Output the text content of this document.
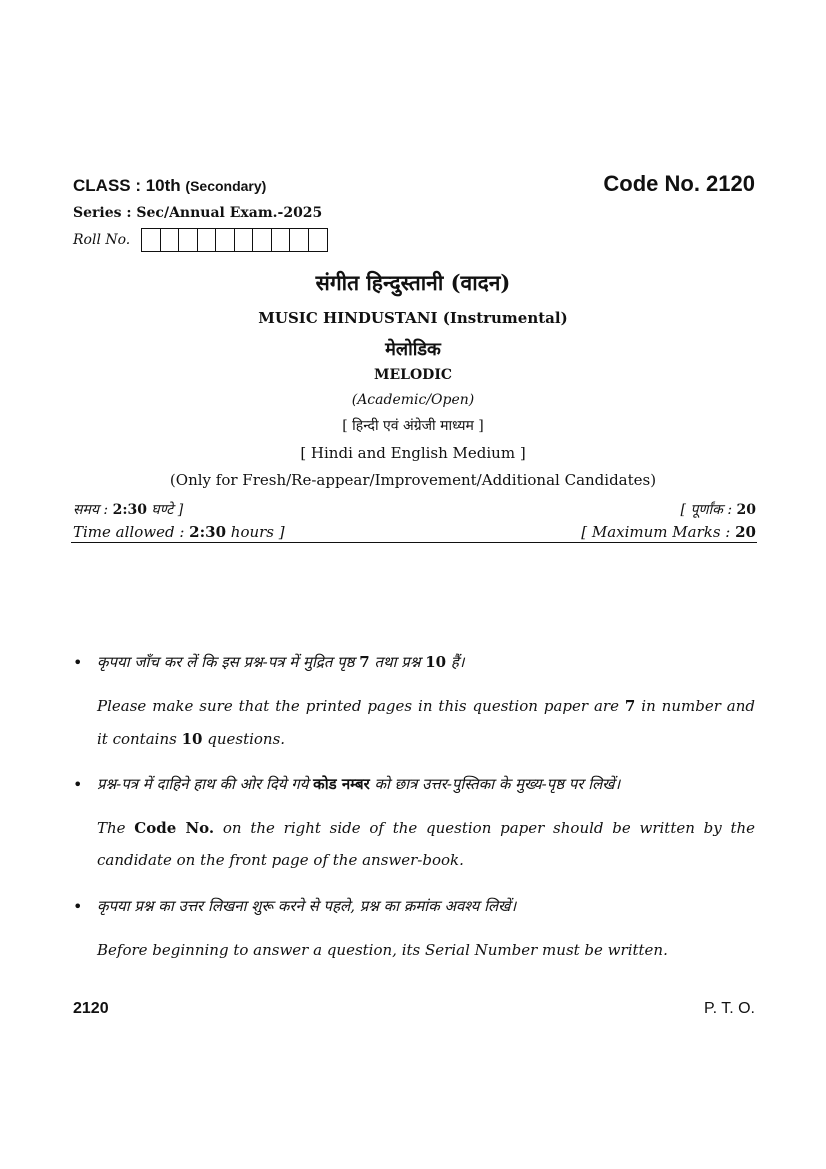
CLASS : 10th (Secondary)	Code No. 2120
Series : Sec/Annual Exam.-2025
Roll No.
संगीत हिन्दुस्तानी (वादन)
MUSIC HINDUSTANI (Instrumental)
मेलोडिक
MELODIC
(Academic/Open)
[ हिन्दी एवं अंग्रेजी माध्यम ]
[ Hindi and English Medium ]
(Only for Fresh/Re-appear/Improvement/Additional Candidates)
समय : 2:30 घण्टे ]	[ पूर्णांक : 20
Time allowed : 2:30 hours ]	[ Maximum Marks : 20
• कृपया जाँच कर लें कि इस प्रश्न-पत्र में मुद्रित पृष्ठ 7 तथा प्रश्न 10 हैं।
Please make sure that the printed pages in this question paper are 7 in number and
it contains 10 questions.
• प्रश्न-पत्र में दाहिने हाथ की ओर दिये गये कोड नम्बर को छात्र उत्तर-पुस्तिका के मुख्य-पृष्ठ पर लिखें।
The Code No. on the right side of the question paper should be written by the
candidate on the front page of the answer-book.
• कृपया प्रश्न का उत्तर लिखना शुरू करने से पहले, प्रश्न का क्रमांक अवश्य लिखें।
Before beginning to answer a question, its Serial Number must be written.
2120	P. T. O.
